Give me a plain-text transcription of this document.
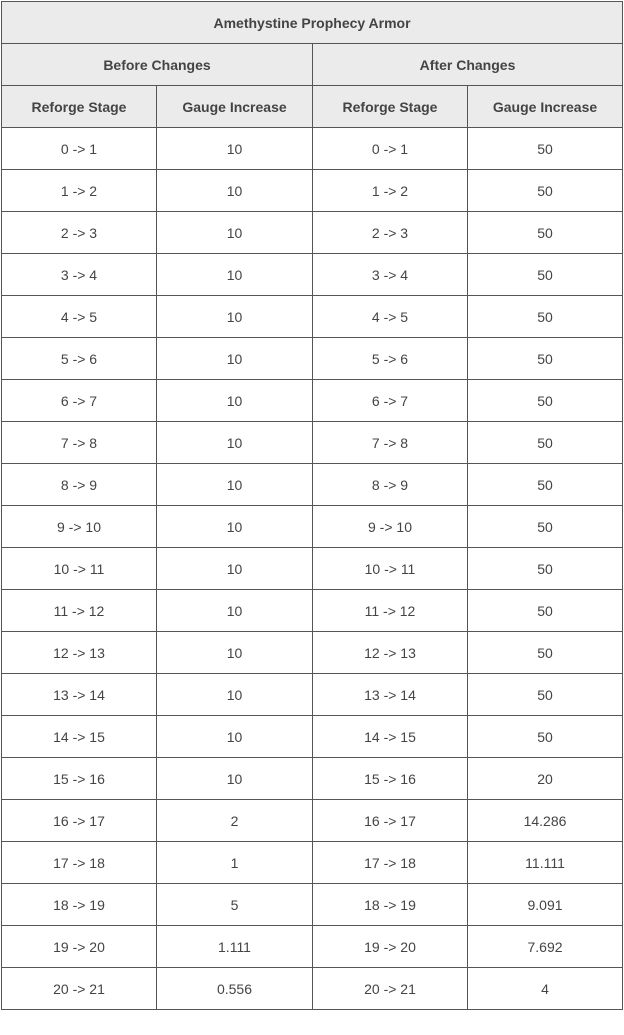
Amethystine Prophecy Armor			
Before Changes		After Changes	
Reforge Stage	Gauge Increase	Reforge Stage	Gauge Increase
0 -> 1	10	0 -> 1	50
1 -> 2	10	1 -> 2	50
2 -> 3	10	2 -> 3	50
3 -> 4	10	3 -> 4	50
4 -> 5	10	4 -> 5	50
5 -> 6	10	5 -> 6	50
6 -> 7	10	6 -> 7	50
7 -> 8	10	7 -> 8	50
8 -> 9	10	8 -> 9	50
9 -> 10	10	9 -> 10	50
10 -> 11	10	10 -> 11	50
11 -> 12	10	11 -> 12	50
12 -> 13	10	12 -> 13	50
13 -> 14	10	13 -> 14	50
14 -> 15	10	14 -> 15	50
15 -> 16	10	15 -> 16	20
16 -> 17	2	16 -> 17	14.286
17 -> 18	1	17 -> 18	11.111
18 -> 19	5	18 -> 19	9.091
19 -> 20	1.111	19 -> 20	7.692
20 -> 21	0.556	20 -> 21	4
